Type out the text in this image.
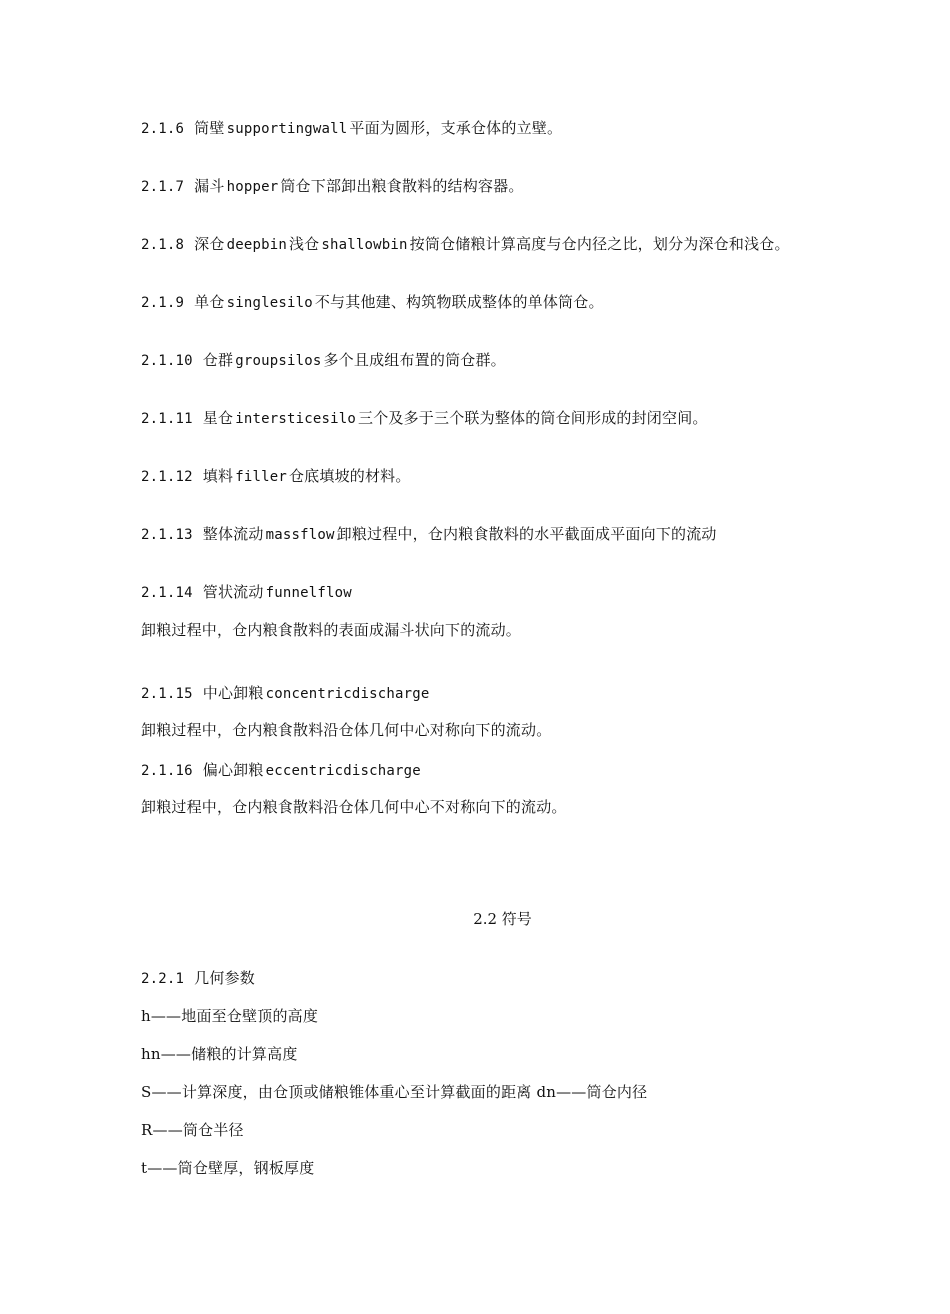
2.1.6 筒壁 supportingwall 平面为圆形，支承仓体的立壁。
2.1.7 漏斗 hopper 筒仓下部卸出粮食散料的结构容器。
2.1.8 深仓 deepbin 浅仓 shallowbin 按筒仓储粮计算高度与仓内径之比，划分为深仓和浅仓。
2.1.9 单仓 singlesilo 不与其他建、构筑物联成整体的单体筒仓。
2.1.10 仓群 groupsilos 多个且成组布置的筒仓群。
2.1.11 星仓 intersticesilo 三个及多于三个联为整体的筒仓间形成的封闭空间。
2.1.12 填料 filler 仓底填坡的材料。
2.1.13 整体流动 massflow 卸粮过程中，仓内粮食散料的水平截面成平面向下的流动
2.1.14 管状流动 funnelflow
卸粮过程中，仓内粮食散料的表面成漏斗状向下的流动。
2.1.15 中心卸粮 concentricdischarge
卸粮过程中，仓内粮食散料沿仓体几何中心对称向下的流动。
2.1.16 偏心卸粮 eccentricdischarge
卸粮过程中，仓内粮食散料沿仓体几何中心不对称向下的流动。
2.2 符号
2.2.1 几何参数
h——地面至仓壁顶的高度
hn——储粮的计算高度
S——计算深度，由仓顶或储粮锥体重心至计算截面的距离 dn——筒仓内径
R——筒仓半径
t——筒仓壁厚，钢板厚度
